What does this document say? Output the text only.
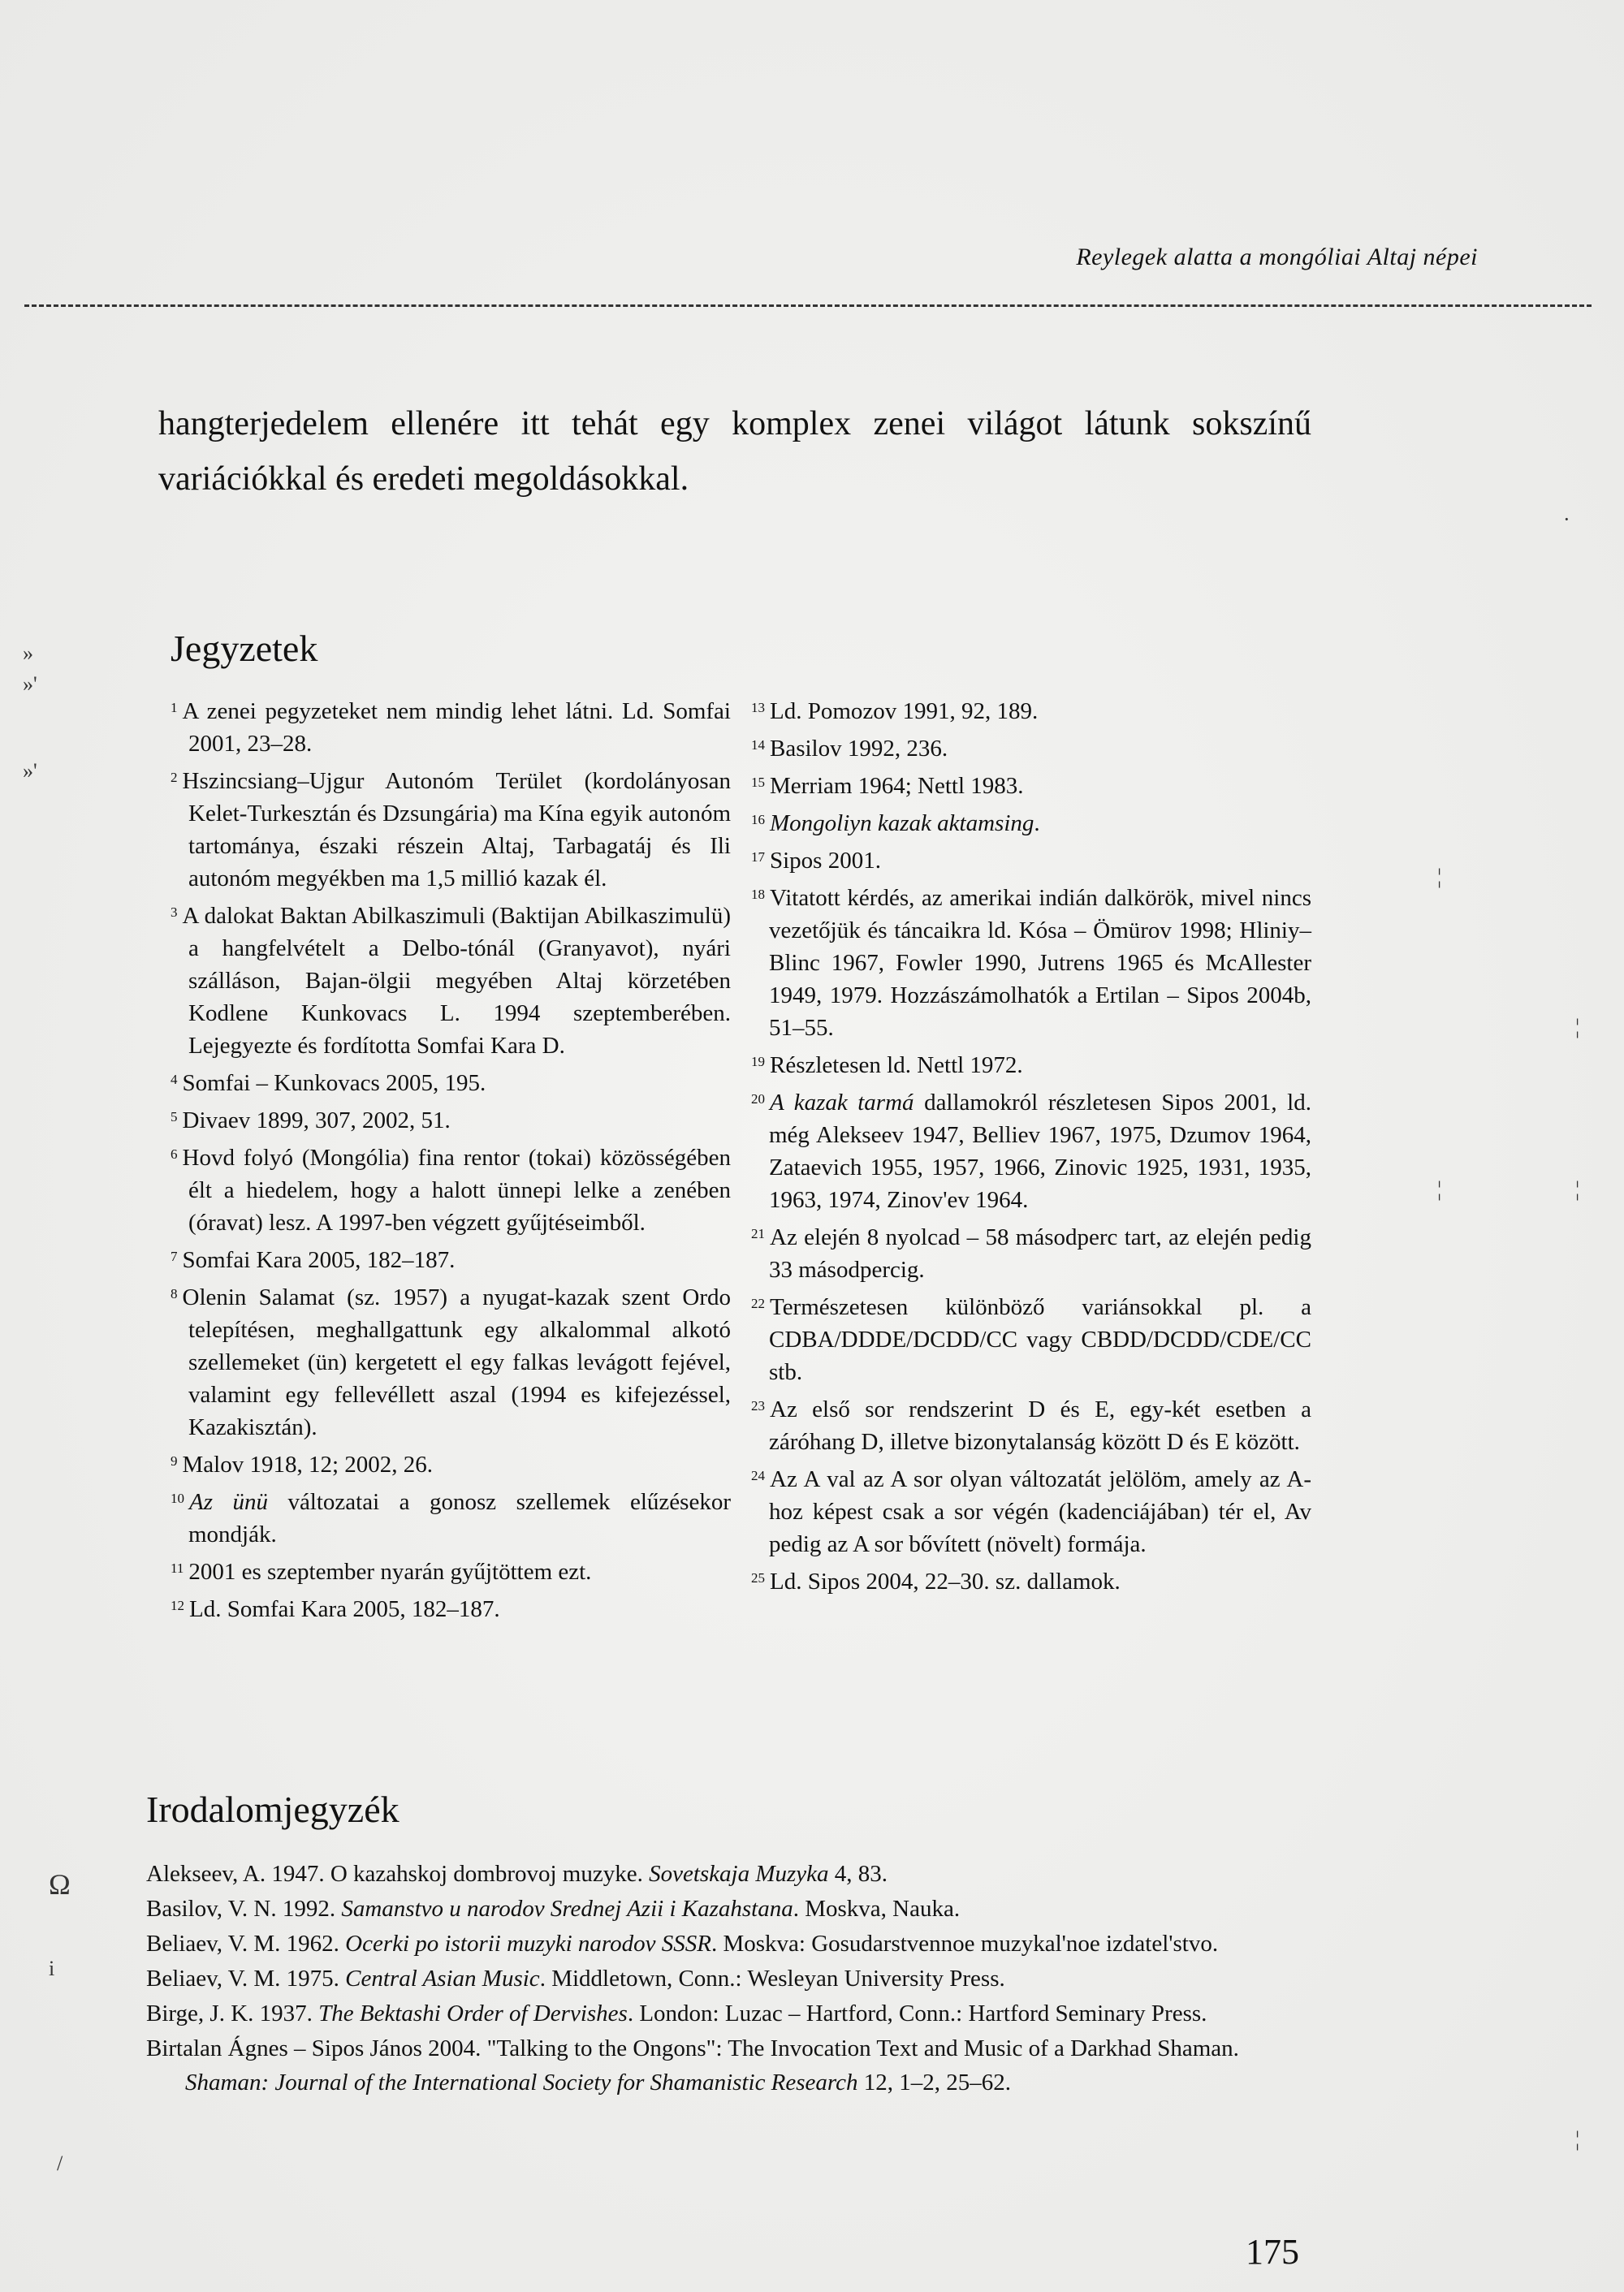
Reylegek alatta a mongóliai Altaj népei
»
»'
»'
·
¦
¦
¦
¦
¦
Ω
i
/
hangterjedelem ellenére itt tehát egy komplex zenei világot látunk sokszínű variációkkal és eredeti megoldásokkal.
Jegyzetek
$^1$ A zenei pegyzeteket nem mindig lehet látni. Ld. Somfai 2001, 23–28.
$^2$ Hszincsiang–Ujgur Autonóm Terület (kordolányosan Kelet-Turkesztán és Dzsungária) ma Kína egyik autonóm tartománya, északi részein Altaj, Tarbagatáj és Ili autonóm megyékben ma 1,5 millió kazak él.
$^3$ A dalokat Baktan Abilkaszimuli (Baktijan Abilkaszimulü) a hangfelvételt a Delbo-tónál (Granyavot), nyári szálláson, Bajan-ölgii megyében Altaj körzetében Kodlene Kunkovacs L. 1994 szeptemberében. Lejegyezte és fordította Somfai Kara D.
$^4$ Somfai – Kunkovacs 2005, 195.
$^5$ Divaev 1899, 307, 2002, 51.
$^6$ Hovd folyó (Mongólia) fina rentor (tokai) közösségében élt a hiedelem, hogy a halott ünnepi lelke a zenében (óravat) lesz. A 1997-ben végzett gyűjtéseimből.
$^7$ Somfai Kara 2005, 182–187.
$^8$ Olenin Salamat (sz. 1957) a nyugat-kazak szent Ordo telepítésen, meghallgattunk egy alkalommal alkotó szellemeket (ün) kergetett el egy falkas levágott fejével, valamint egy fellevéllett aszal (1994 es kifejezéssel, Kazakisztán).
$^9$ Malov 1918, 12; 2002, 26.
$^{10}$ Az ünü változatai a gonosz szellemek elűzésekor mondják.
$^{11}$ 2001 es szeptember nyarán gyűjtöttem ezt.
$^{12}$ Ld. Somfai Kara 2005, 182–187.
$^{13}$ Ld. Pomozov 1991, 92, 189.
$^{14}$ Basilov 1992, 236.
$^{15}$ Merriam 1964; Nettl 1983.
$^{16}$ Mongoliyn kazak aktamsing.
$^{17}$ Sipos 2001.
$^{18}$ Vitatott kérdés, az amerikai indián dalkörök, mivel nincs vezetőjük és táncaikra ld. Kósa – Ömürov 1998; Hliniy–Blinc 1967, Fowler 1990, Jutrens 1965 és McAllester 1949, 1979. Hozzászámolhatók a Ertilan – Sipos 2004b, 51–55.
$^{19}$ Részletesen ld. Nettl 1972.
$^{20}$ A kazak tarmá dallamokról részletesen Sipos 2001, ld. még Alekseev 1947, Belliev 1967, 1975, Dzumov 1964, Zataevich 1955, 1957, 1966, Zinovic 1925, 1931, 1935, 1963, 1974, Zinov'ev 1964.
$^{21}$ Az elején 8 nyolcad – 58 másodperc tart, az elején pedig 33 másodpercig.
$^{22}$ Természetesen különböző variánsokkal pl. a CDBA/DDDE/DCDD/CC vagy CBDD/DCDD/CDE/CC stb.
$^{23}$ Az első sor rendszerint D és E, egy-két esetben a záróhang D, illetve bizonytalanság között D és E között.
$^{24}$ Az A val az A sor olyan változatát jelölöm, amely az A-hoz képest csak a sor végén (kadenciájában) tér el, Av pedig az A sor bővített (növelt) formája.
$^{25}$ Ld. Sipos 2004, 22–30. sz. dallamok.
Irodalomjegyzék
Alekseev, A. 1947. O kazahskoj dombrovoj muzyke. Sovetskaja Muzyka 4, 83.
Basilov, V. N. 1992. Samanstvo u narodov Srednej Azii i Kazahstana. Moskva, Nauka.
Beliaev, V. M. 1962. Ocerki po istorii muzyki narodov SSSR. Moskva: Gosudarstvennoe muzykal'noe izdatel'stvo.
Beliaev, V. M. 1975. Central Asian Music. Middletown, Conn.: Wesleyan University Press.
Birge, J. K. 1937. The Bektashi Order of Dervishes. London: Luzac – Hartford, Conn.: Hartford Seminary Press.
Birtalan Ágnes – Sipos János 2004. "Talking to the Ongons": The Invocation Text and Music of a Darkhad Shaman. Shaman: Journal of the International Society for Shamanistic Research 12, 1–2, 25–62.
175
